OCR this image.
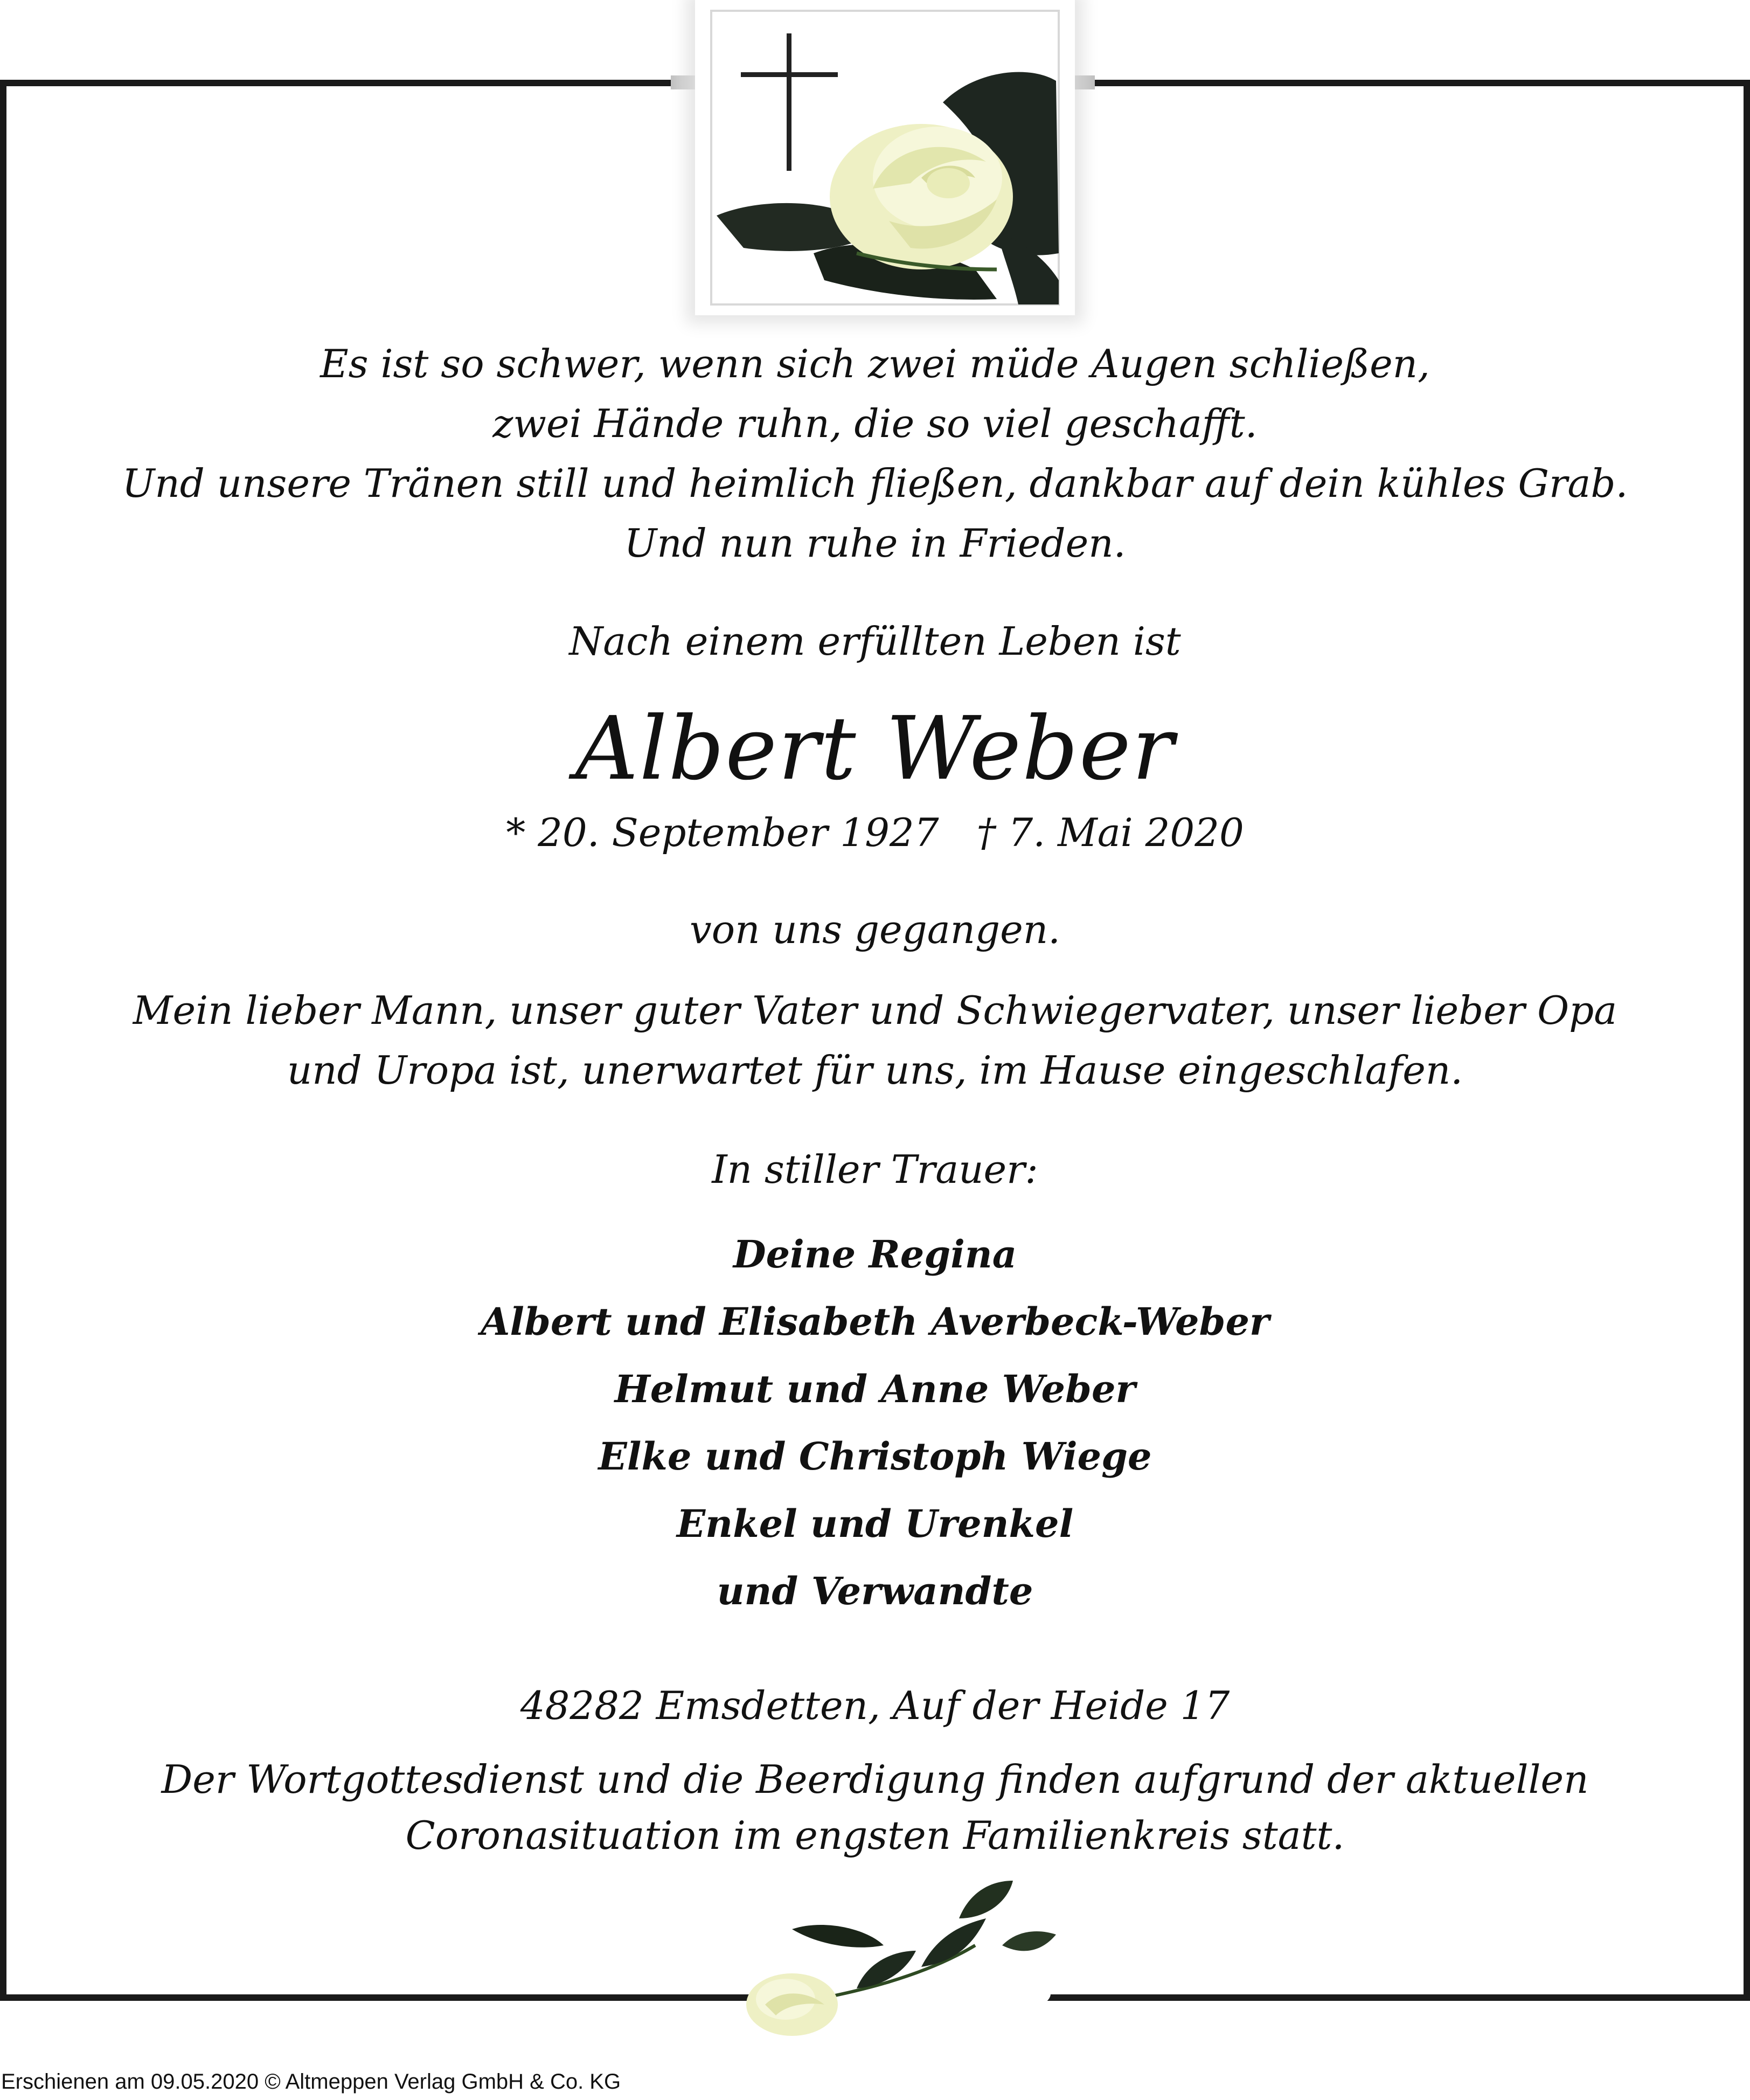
Es ist so schwer, wenn sich zwei müde Augen schließen,
zwei Hände ruhn, die so viel geschafft.
Und unsere Tränen still und heimlich fließen, dankbar auf dein kühles Grab.
Und nun ruhe in Frieden.
Nach einem erfüllten Leben ist
Albert Weber
* 20. September 1927 † 7. Mai 2020
von uns gegangen.
Mein lieber Mann, unser guter Vater und Schwiegervater, unser lieber Opa
und Uropa ist, unerwartet für uns, im Hause eingeschlafen.
In stiller Trauer:
Deine Regina
Albert und Elisabeth Averbeck-Weber
Helmut und Anne Weber
Elke und Christoph Wiege
Enkel und Urenkel
und Verwandte
48282 Emsdetten, Auf der Heide 17
Der Wortgottesdienst und die Beerdigung finden aufgrund der aktuellen
Coronasituation im engsten Familienkreis statt.
Erschienen am 09.05.2020 © Altmeppen Verlag GmbH & Co. KG
